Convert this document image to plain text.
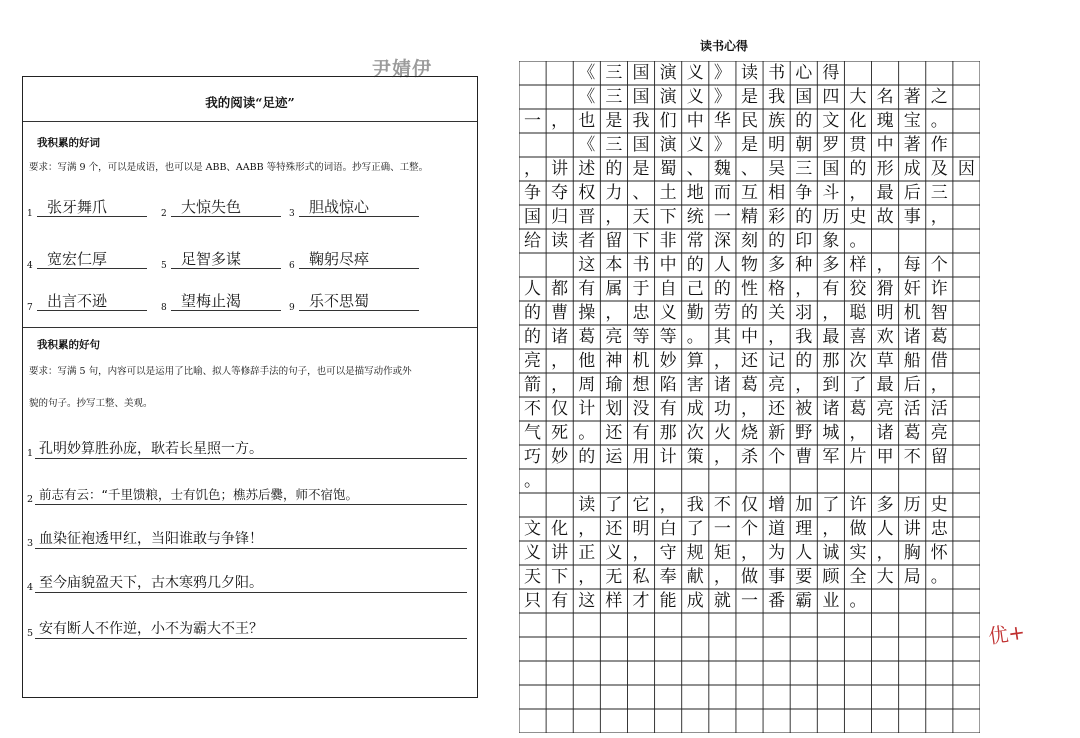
尹婧伊
我的阅读“足迹”
我积累的好词
要求：写满 9 个，可以是成语，也可以是 ABB、AABB 等特殊形式的词语。抄写正确、工整。
1 张牙舞爪	2 大惊失色	3 胆战惊心
4 宽宏仁厚	5 足智多谋	6 鞠躬尽瘁
7 出言不逊	8 望梅止渴	9 乐不思蜀
我积累的好句
要求：写满 5 句，内容可以是运用了比喻、拟人等修辞手法的句子，也可以是描写动作或外
貌的句子。抄写工整、美观。
1 孔明妙算胜孙庞，耿若长星照一方。
2 前志有云：“千里馈粮，士有饥色；樵苏后爨，师不宿饱。
3 血染征袍透甲红，当阳谁敢与争锋！
4 至今庙貌盈天下，古木寒鸦几夕阳。
5 安有断人不作逆，小不为霸大不王？
读书心得
《 三 国 演 义 》 读 书 心 得
《 三 国 演 义 》 是 我 国 四 大 名 著 之
一 ， 也 是 我 们 中 华 民 族 的 文 化 瑰 宝 。
《 三 国 演 义 》 是 明 朝 罗 贯 中 著 作
， 讲 述 的 是 蜀 、 魏 、 吴 三 国 的 形 成 及 因
争 夺 权 力 、 土 地 而 互 相 争 斗 ， 最 后 三
国 归 晋 ， 天 下 统 一 精 彩 的 历 史 故 事 ，
给 读 者 留 下 非 常 深 刻 的 印 象 。
这 本 书 中 的 人 物 多 种 多 样 ， 每 个
人 都 有 属 于 自 己 的 性 格 ， 有 狡 猾 奸 诈
的 曹 操 ， 忠 义 勤 劳 的 关 羽 ， 聪 明 机 智
的 诸 葛 亮 等 等 。 其 中 ， 我 最 喜 欢 诸 葛
亮 ， 他 神 机 妙 算 ， 还 记 的 那 次 草 船 借
箭 ， 周 瑜 想 陷 害 诸 葛 亮 ， 到 了 最 后 ，
不 仅 计 划 没 有 成 功 ， 还 被 诸 葛 亮 活 活
气 死 。 还 有 那 次 火 烧 新 野 城 ， 诸 葛 亮
巧 妙 的 运 用 计 策 ， 杀 个 曹 军 片 甲 不 留
。
读 了 它 ， 我 不 仅 增 加 了 许 多 历 史
文 化 ， 还 明 白 了 一 个 道 理 ， 做 人 讲 忠
义 讲 正 义 ， 守 规 矩 ， 为 人 诚 实 ， 胸 怀
天 下 ， 无 私 奉 献 ， 做 事 要 顾 全 大 局 。
只 有 这 样 才 能 成 就 一 番 霸 业 。
优+
